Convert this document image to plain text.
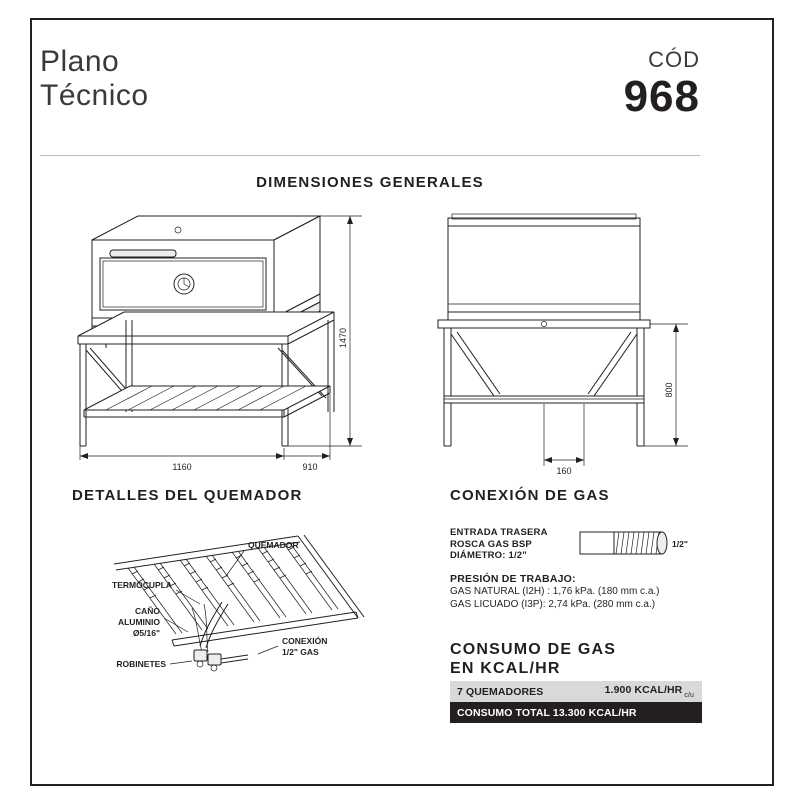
Plano
Técnico
CÓD
968
DIMENSIONES GENERALES
DETALLES DEL QUEMADOR	CONEXIÓN DE GAS
CONSUMO DE GAS
EN KCAL/HR
1470
1160	910
800
160
QUEMADOR
TERMOCUPLA
CAÑO
ALUMINIO
Ø5/16"
ROBINETES
CONEXIÓN
1/2" GAS
ENTRADA TRASERA
ROSCA GAS BSP
DIÁMETRO: 1/2"
PRESIÓN DE TRABAJO:
GAS NATURAL (I2H) : 1,76 kPa. (180 mm c.a.)
GAS LICUADO (I3P): 2,74 kPa. (280 mm c.a.)
1/2"
7 QUEMADORES	1.900 KCAL/HR $_{c/u}$
CONSUMO TOTAL 13.300 KCAL/HR
